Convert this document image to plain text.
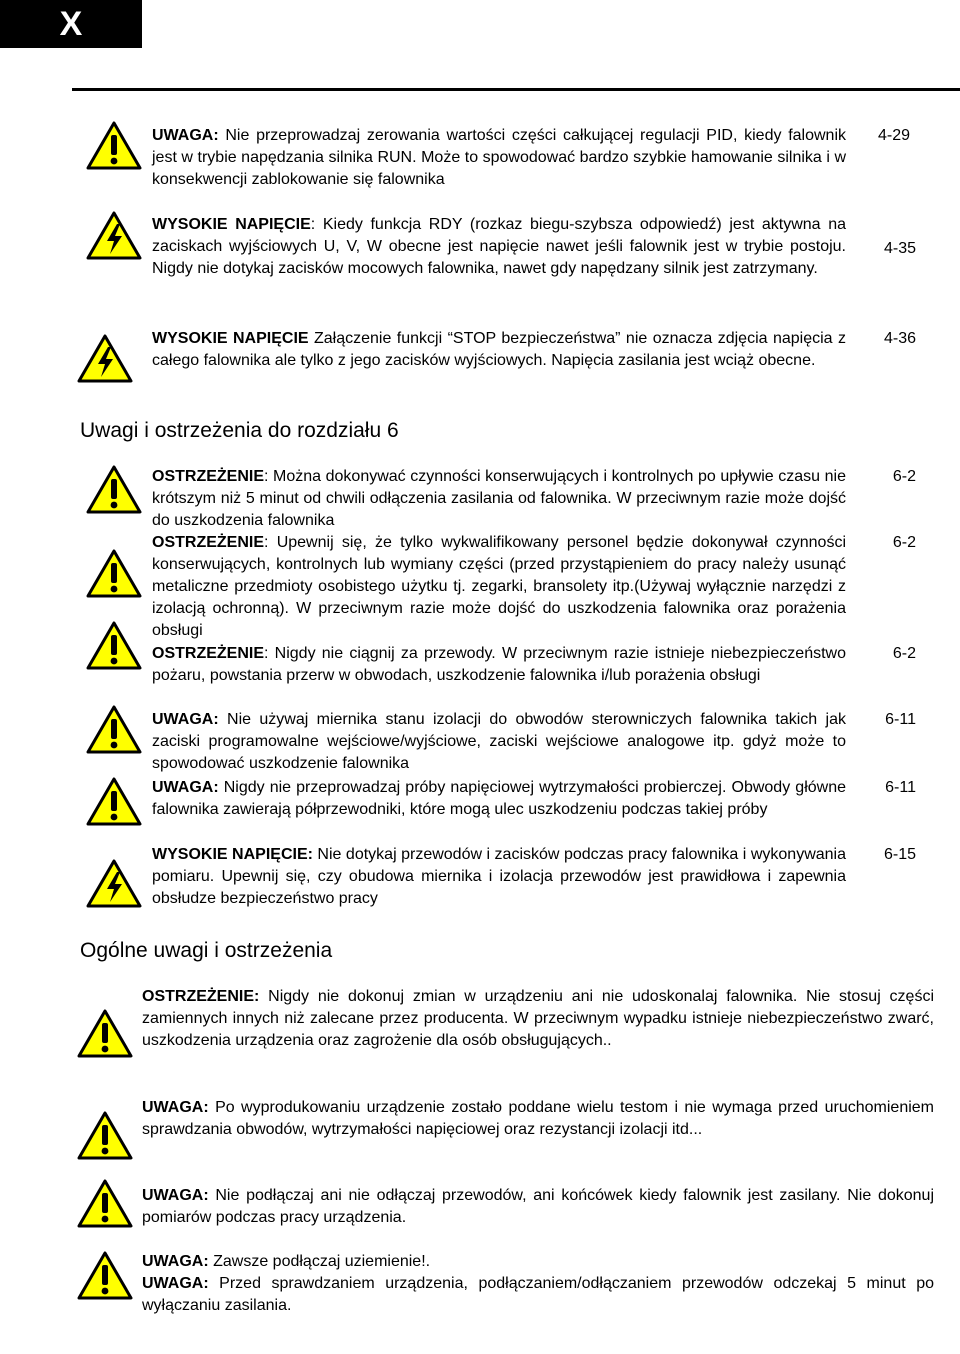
X
UWAGA: Nie przeprowadzaj zerowania wartości części całkującej regulacji PID, kiedy falownik jest w trybie napędzania silnika RUN. Może to spowodować bardzo szybkie hamowanie silnika i w konsekwencji zablokowanie się falownika
4-29
WYSOKIE NAPIĘCIE: Kiedy funkcja RDY (rozkaz biegu-szybsza odpowiedź) jest aktywna na zaciskach wyjściowych U, V, W obecne jest napięcie nawet jeśli falownik jest w trybie postoju. Nigdy nie dotykaj zacisków mocowych falownika, nawet gdy napędzany silnik jest zatrzymany.
4-35
WYSOKIE NAPIĘCIE Załączenie funkcji “STOP bezpieczeństwa” nie oznacza zdjęcia napięcia z całego falownika ale tylko z jego zacisków wyjściowych. Napięcia zasilania jest wciąż obecne.
4-36
Uwagi i ostrzeżenia do rozdziału 6
OSTRZEŻENIE: Można dokonywać czynności konserwujących i kontrolnych po upływie czasu nie krótszym niż 5 minut od chwili odłączenia zasilania od falownika. W przeciwnym razie może dojść do uszkodzenia falownika
6-2
OSTRZEŻENIE: Upewnij się, że tylko wykwalifikowany personel będzie dokonywał czynności konserwujących, kontrolnych lub wymiany części (przed przystąpieniem do pracy należy usunąć metaliczne przedmioty osobistego użytku tj. zegarki, bransolety itp.(Używaj wyłącznie narzędzi z izolacją ochronną). W przeciwnym razie może dojść do uszkodzenia falownika oraz porażenia obsługi
6-2
OSTRZEŻENIE: Nigdy nie ciągnij za przewody. W przeciwnym razie istnieje niebezpieczeństwo pożaru, powstania przerw w obwodach, uszkodzenie falownika i/lub porażenia obsługi
6-2
UWAGA: Nie używaj miernika stanu izolacji do obwodów sterowniczych falownika takich jak zaciski programowalne wejściowe/wyjściowe, zaciski wejściowe analogowe itp. gdyż może to spowodować uszkodzenie falownika
6-11
UWAGA: Nigdy nie przeprowadzaj próby napięciowej wytrzymałości probierczej. Obwody główne falownika zawierają półprzewodniki, które mogą ulec uszkodzeniu podczas takiej próby
6-11
WYSOKIE NAPIĘCIE: Nie dotykaj przewodów i zacisków podczas pracy falownika i wykonywania pomiaru. Upewnij się, czy obudowa miernika i izolacja przewodów jest prawidłowa i zapewnia obsłudze bezpieczeństwo pracy
6-15
Ogólne uwagi i ostrzeżenia
OSTRZEŻENIE: Nigdy nie dokonuj zmian w urządzeniu ani nie udoskonalaj falownika. Nie stosuj części zamiennych innych niż zalecane przez producenta. W przeciwnym wypadku istnieje niebezpieczeństwo zwarć, uszkodzenia urządzenia oraz zagrożenie dla osób obsługujących..
UWAGA: Po wyprodukowaniu urządzenie zostało poddane wielu testom i nie wymaga przed uruchomieniem sprawdzania obwodów, wytrzymałości napięciowej oraz rezystancji izolacji itd...
UWAGA: Nie podłączaj ani nie odłączaj przewodów, ani końcówek kiedy falownik jest zasilany. Nie dokonuj pomiarów podczas pracy urządzenia.
UWAGA: Zawsze podłączaj uziemienie!.
UWAGA: Przed sprawdzaniem urządzenia, podłączaniem/odłączaniem przewodów odczekaj 5 minut po wyłączaniu zasilania.
